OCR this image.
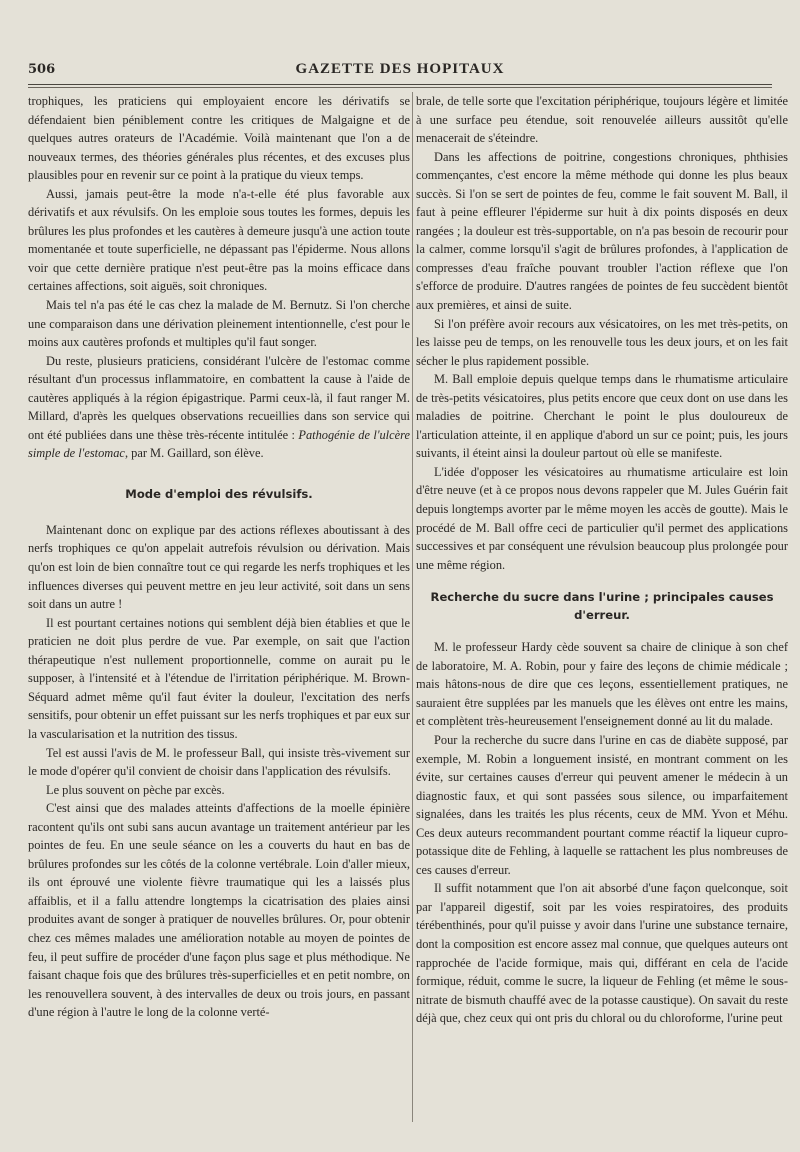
506	GAZETTE DES HOPITAUX

trophiques, les praticiens qui employaient encore les dérivatifs se défendaient bien péniblement contre les critiques de Malgaigne et de quelques autres orateurs de l'Académie. Voilà maintenant que l'on a de nouveaux termes, des théories générales plus récentes, et des excuses plus plausibles pour en revenir sur ce point à la pratique du vieux temps.

Aussi, jamais peut-être la mode n'a-t-elle été plus favorable aux dérivatifs et aux révulsifs. On les emploie sous toutes les formes, depuis les brûlures les plus profondes et les cautères à demeure jusqu'à une action toute momentanée et toute superficielle, ne dépassant pas l'épiderme. Nous allons voir que cette dernière pratique n'est peut-être pas la moins efficace dans certaines affections, soit aiguës, soit chroniques.

Mais tel n'a pas été le cas chez la malade de M. Bernutz. Si l'on cherche une comparaison dans une dérivation pleinement intentionnelle, c'est pour le moins aux cautères profonds et multiples qu'il faut songer.

Du reste, plusieurs praticiens, considérant l'ulcère de l'estomac comme résultant d'un processus inflammatoire, en combattent la cause à l'aide de cautères appliqués à la région épigastrique. Parmi ceux-là, il faut ranger M. Millard, d'après les quelques observations recueillies dans son service qui ont été publiées dans une thèse très-récente intitulée : Pathogénie de l'ulcère simple de l'estomac, par M. Gaillard, son élève.

Mode d'emploi des révulsifs.

Maintenant donc on explique par des actions réflexes aboutissant à des nerfs trophiques ce qu'on appelait autrefois révulsion ou dérivation. Mais qu'on est loin de bien connaître tout ce qui regarde les nerfs trophiques et les influences diverses qui peuvent mettre en jeu leur activité, soit dans un sens soit dans un autre !

Il est pourtant certaines notions qui semblent déjà bien établies et que le praticien ne doit plus perdre de vue. Par exemple, on sait que l'action thérapeutique n'est nullement proportionnelle, comme on aurait pu le supposer, à l'intensité et à l'étendue de l'irritation périphérique. M. Brown-Séquard admet même qu'il faut éviter la douleur, l'excitation des nerfs sensitifs, pour obtenir un effet puissant sur les nerfs trophiques et par eux sur la vascularisation et la nutrition des tissus.

Tel est aussi l'avis de M. le professeur Ball, qui insiste très-vivement sur le mode d'opérer qu'il convient de choisir dans l'application des révulsifs.

Le plus souvent on pèche par excès.

C'est ainsi que des malades atteints d'affections de la moelle épinière racontent qu'ils ont subi sans aucun avantage un traitement antérieur par les pointes de feu. En une seule séance on les a couverts du haut en bas de brûlures profondes sur les côtés de la colonne vertébrale. Loin d'aller mieux, ils ont éprouvé une violente fièvre traumatique qui les a laissés plus affaiblis, et il a fallu attendre longtemps la cicatrisation des plaies ainsi produites avant de songer à pratiquer de nouvelles brûlures. Or, pour obtenir chez ces mêmes malades une amélioration notable au moyen de pointes de feu, il peut suffire de procéder d'une façon plus sage et plus méthodique. Ne faisant chaque fois que des brûlures très-superficielles et en petit nombre, on les renouvellera souvent, à des intervalles de deux ou trois jours, en passant d'une région à l'autre le long de la colonne verté-

brale, de telle sorte que l'excitation périphérique, toujours légère et limitée à une surface peu étendue, soit renouvelée ailleurs aussitôt qu'elle menacerait de s'éteindre.

Dans les affections de poitrine, congestions chroniques, phthisies commençantes, c'est encore la même méthode qui donne les plus beaux succès. Si l'on se sert de pointes de feu, comme le fait souvent M. Ball, il faut à peine effleurer l'épiderme sur huit à dix points disposés en deux rangées ; la douleur est très-supportable, on n'a pas besoin de recourir pour la calmer, comme lorsqu'il s'agit de brûlures profondes, à l'application de compresses d'eau fraîche pouvant troubler l'action réflexe que l'on s'efforce de produire. D'autres rangées de pointes de feu succèdent bientôt aux premières, et ainsi de suite.

Si l'on préfère avoir recours aux vésicatoires, on les met très-petits, on les laisse peu de temps, on les renouvelle tous les deux jours, et on les fait sécher le plus rapidement possible.

M. Ball emploie depuis quelque temps dans le rhumatisme articulaire de très-petits vésicatoires, plus petits encore que ceux dont on use dans les maladies de poitrine. Cherchant le point le plus douloureux de l'articulation atteinte, il en applique d'abord un sur ce point; puis, les jours suivants, il éteint ainsi la douleur partout où elle se manifeste.

L'idée d'opposer les vésicatoires au rhumatisme articulaire est loin d'être neuve (et à ce propos nous devons rappeler que M. Jules Guérin fait depuis longtemps avorter par le même moyen les accès de goutte). Mais le procédé de M. Ball offre ceci de particulier qu'il permet des applications successives et par conséquent une révulsion beaucoup plus prolongée pour une même région.

Recherche du sucre dans l'urine ; principales causes d'erreur.

M. le professeur Hardy cède souvent sa chaire de clinique à son chef de laboratoire, M. A. Robin, pour y faire des leçons de chimie médicale ; mais hâtons-nous de dire que ces leçons, essentiellement pratiques, ne sauraient être supplées par les manuels que les élèves ont entre les mains, et complètent très-heureusement l'enseignement donné au lit du malade.

Pour la recherche du sucre dans l'urine en cas de diabète supposé, par exemple, M. Robin a longuement insisté, en montrant comment on les évite, sur certaines causes d'erreur qui peuvent amener le médecin à un diagnostic faux, et qui sont passées sous silence, ou imparfaitement signalées, dans les traités les plus récents, ceux de MM. Yvon et Méhu. Ces deux auteurs recommandent pourtant comme réactif la liqueur cupro-potassique dite de Fehling, à laquelle se rattachent les plus nombreuses de ces causes d'erreur.

Il suffit notamment que l'on ait absorbé d'une façon quelconque, soit par l'appareil digestif, soit par les voies respiratoires, des produits térébenthinés, pour qu'il puisse y avoir dans l'urine une substance ternaire, dont la composition est encore assez mal connue, que quelques auteurs ont rapprochée de l'acide formique, mais qui, différant en cela de l'acide formique, réduit, comme le sucre, la liqueur de Fehling (et même le sous-nitrate de bismuth chauffé avec de la potasse caustique). On savait du reste déjà que, chez ceux qui ont pris du chloral ou du chloroforme, l'urine peut
